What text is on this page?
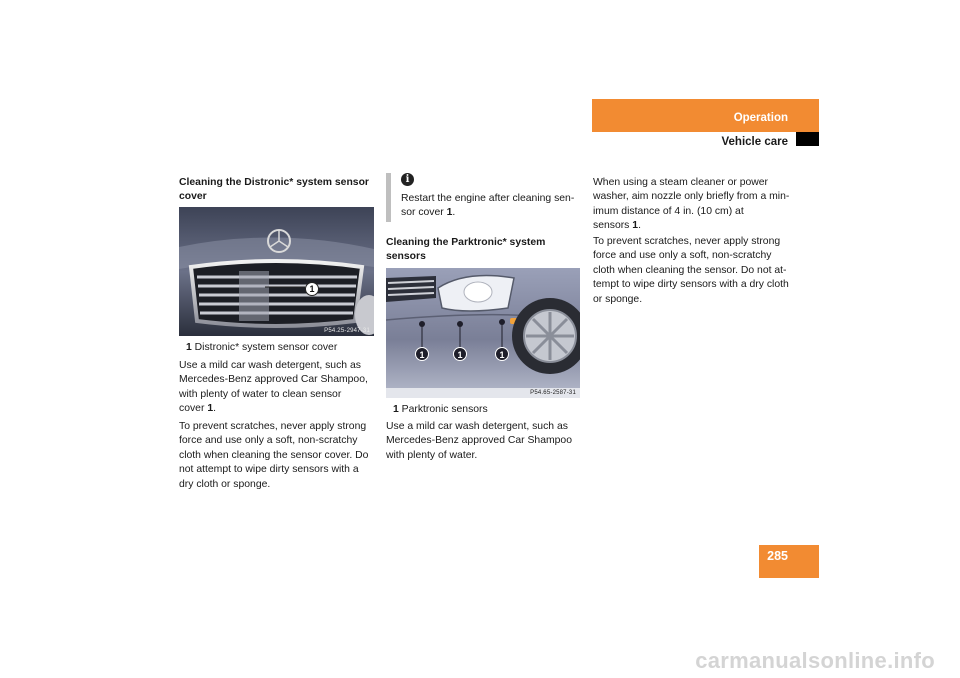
Operation
Vehicle care
Cleaning the Distronic* system sensor cover
1
P54.25-2947-31
1 Distronic* system sensor cover
Use a mild car wash detergent, such as
Mercedes-Benz approved Car Shampoo,
with plenty of water to clean sensor
cover 1.

To prevent scratches, never apply strong force and use only a soft, non-scratchy cloth when cleaning the sensor cover. Do not attempt to wipe dirty sensors with a dry cloth or sponge.

i
Restart the engine after cleaning sen-
sor cover 1.
Cleaning the Parktronic* system sensors
1	1	1
P54.65-2587-31
1 Parktronic sensors

Use a mild car wash detergent, such as Mercedes-Benz approved Car Shampoo with plenty of water.

When using a steam cleaner or power
washer, aim nozzle only briefly from a min-
imum distance of 4 in. (10 cm) at
sensors 1.

To prevent scratches, never apply strong force and use only a soft, non-scratchy cloth when cleaning the sensor. Do not at-tempt to wipe dirty sensors with a dry cloth or sponge.

285
carmanualsonline.info
